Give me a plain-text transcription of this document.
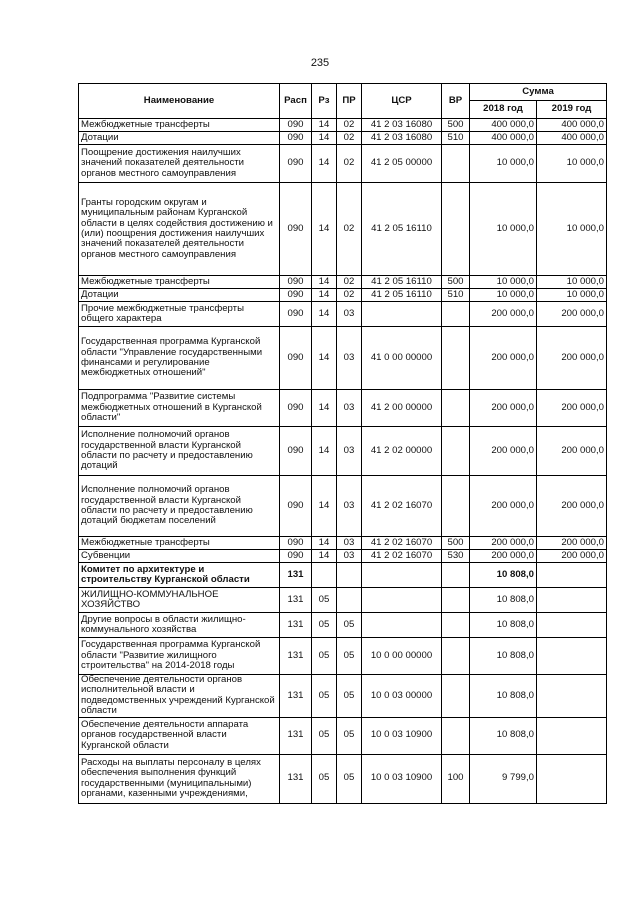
235
Наименование	Расп	Рз	ПР	ЦСР	ВР	Сумма	
						2018 год	2019 год
Межбюджетные трансферты	090	14	02	41 2 03 16080	500	400 000,0	400 000,0
Дотации	090	14	02	41 2 03 16080	510	400 000,0	400 000,0
Поощрение достижения наилучших значений показателей деятельности органов местного самоуправления	090	14	02	41 2 05 00000		10 000,0	10 000,0
Гранты городским округам и муниципальным районам Курганской области в целях содействия достижению и (или) поощрения достижения наилучших значений показателей деятельности органов местного самоуправления	090	14	02	41 2 05 16110		10 000,0	10 000,0
Межбюджетные трансферты	090	14	02	41 2 05 16110	500	10 000,0	10 000,0
Дотации	090	14	02	41 2 05 16110	510	10 000,0	10 000,0
Прочие межбюджетные трансферты общего характера	090	14	03			200 000,0	200 000,0
Государственная программа Курганской области "Управление государственными финансами и регулирование межбюджетных отношений"	090	14	03	41 0 00 00000		200 000,0	200 000,0
Подпрограмма "Развитие системы межбюджетных отношений в Курганской области"	090	14	03	41 2 00 00000		200 000,0	200 000,0
Исполнение полномочий органов государственной власти Курганской области по расчету и предоставлению дотаций	090	14	03	41 2 02 00000		200 000,0	200 000,0
Исполнение полномочий органов государственной власти Курганской области по расчету и предоставлению дотаций бюджетам поселений	090	14	03	41 2 02 16070		200 000,0	200 000,0
Межбюджетные трансферты	090	14	03	41 2 02 16070	500	200 000,0	200 000,0
Субвенции	090	14	03	41 2 02 16070	530	200 000,0	200 000,0
Комитет по архитектуре и строительству Курганской области	131					10 808,0	
ЖИЛИЩНО-КОММУНАЛЬНОЕ ХОЗЯЙСТВО	131	05				10 808,0	
Другие вопросы в области жилищно-коммунального хозяйства	131	05	05			10 808,0	
Государственная программа Курганской области "Развитие жилищного строительства" на 2014-2018 годы	131	05	05	10 0 00 00000		10 808,0	
Обеспечение деятельности органов исполнительной власти и подведомственных учреждений Курганской области	131	05	05	10 0 03 00000		10 808,0	
Обеспечение деятельности аппарата органов государственной власти Курганской области	131	05	05	10 0 03 10900		10 808,0	
Расходы на выплаты персоналу в целях обеспечения выполнения функций государственными (муниципальными) органами, казенными учреждениями,	131	05	05	10 0 03 10900	100	9 799,0	
